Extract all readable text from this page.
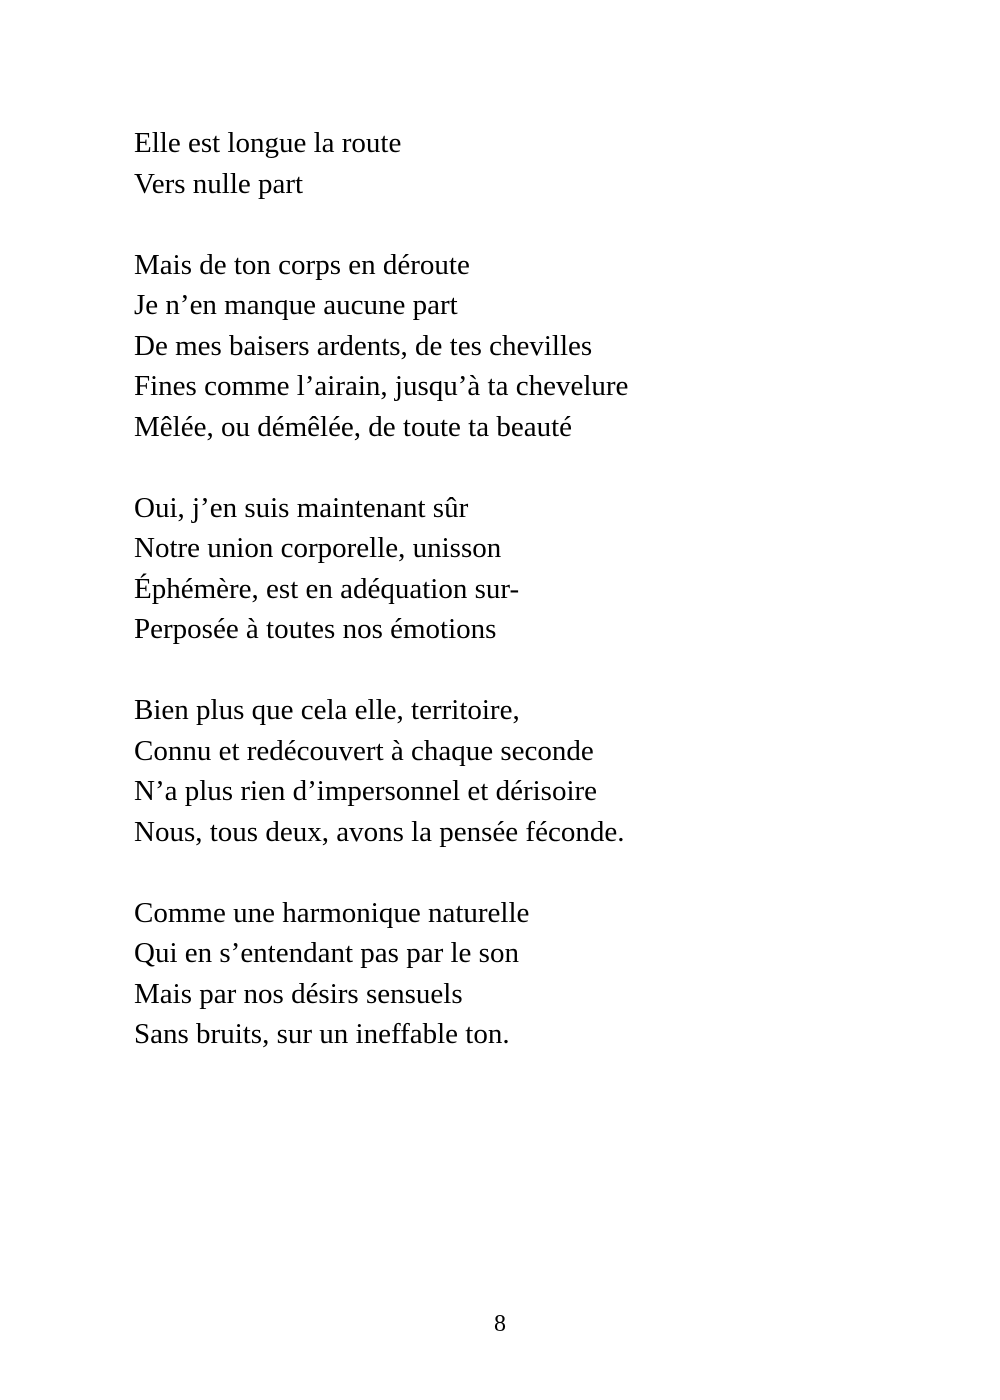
Elle est longue la route
Vers nulle part
Mais de ton corps en déroute
Je n’en manque aucune part
De mes baisers ardents, de tes chevilles
Fines comme l’airain, jusqu’à ta chevelure
Mêlée, ou démêlée, de toute ta beauté
Oui, j’en suis maintenant sûr
Notre union corporelle, unisson
Éphémère, est en adéquation sur-
Perposée à toutes nos émotions
Bien plus que cela elle, territoire,
Connu et redécouvert à chaque seconde
N’a plus rien d’impersonnel et dérisoire
Nous, tous deux, avons la pensée féconde.
Comme une harmonique naturelle
Qui en s’entendant pas par le son
Mais par nos désirs sensuels
Sans bruits, sur un ineffable ton.
8
